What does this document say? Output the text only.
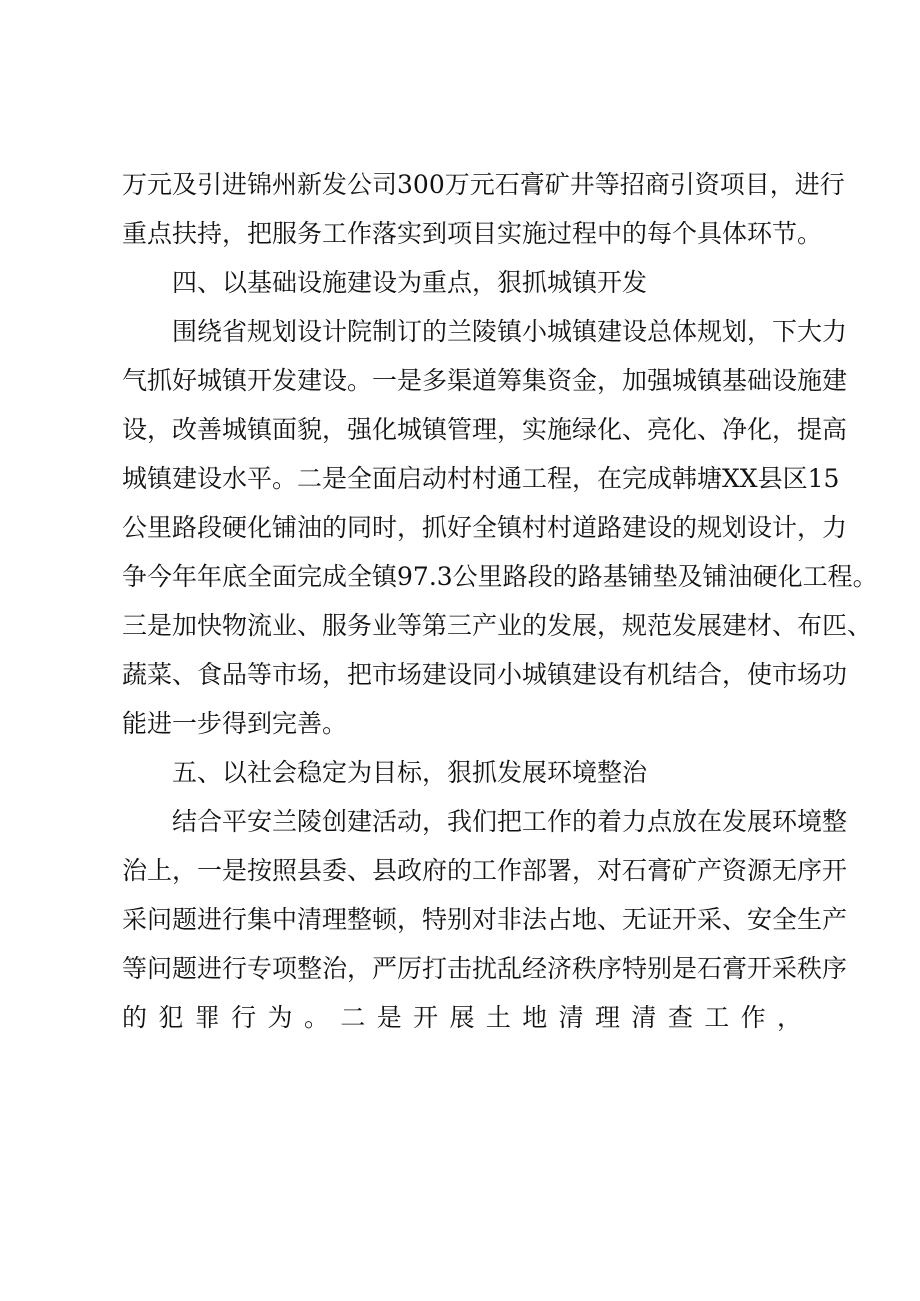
万元及引进锦州新发公司300万元石膏矿井等招商引资项目，进行
重点扶持，把服务工作落实到项目实施过程中的每个具体环节。
四、以基础设施建设为重点，狠抓城镇开发
围绕省规划设计院制订的兰陵镇小城镇建设总体规划，下大力
气抓好城镇开发建设。一是多渠道筹集资金，加强城镇基础设施建
设，改善城镇面貌，强化城镇管理，实施绿化、亮化、净化，提高
城镇建设水平。二是全面启动村村通工程，在完成韩塘XX县区15
公里路段硬化铺油的同时，抓好全镇村村道路建设的规划设计，力
争今年年底全面完成全镇97.3公里路段的路基铺垫及铺油硬化工程。
三是加快物流业、服务业等第三产业的发展，规范发展建材、布匹、
蔬菜、食品等市场，把市场建设同小城镇建设有机结合，使市场功
能进一步得到完善。
五、以社会稳定为目标，狠抓发展环境整治
结合平安兰陵创建活动，我们把工作的着力点放在发展环境整
治上，一是按照县委、县政府的工作部署，对石膏矿产资源无序开
采问题进行集中清理整顿，特别对非法占地、无证开采、安全生产
等问题进行专项整治，严厉打击扰乱经济秩序特别是石膏开采秩序
的犯罪行为。二是开展土地清理清查工作，
